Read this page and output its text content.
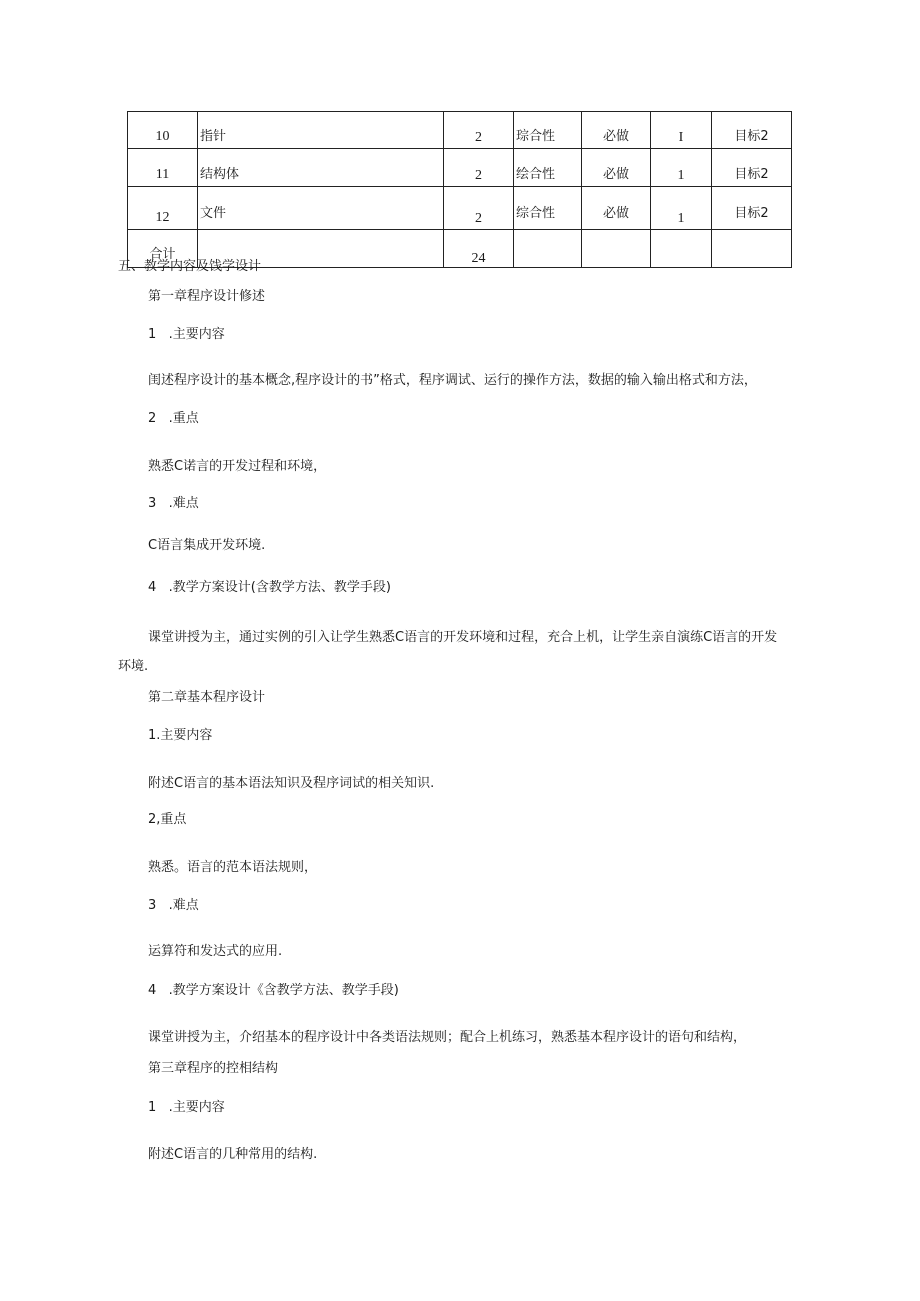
10	指针	2	琮合性	必做	I	目标2
11	结构体	2	绘合性	必做	1	目标2
12	文件	2	综合性	必做	1	目标2
合计		24				
五、教学内容及饯学设计
第一章程序设计修述
1   .主要内容
闺述程序设计的基本概念,程序设计的书”格式，程序调试、运行的操作方法，数据的输入输出格式和方法，
2   .重点
熟悉C诺言的开发过程和环境，
3   .难点
C语言集成开发环境.
4   .教学方案设计(含教学方法、教学手段)
课堂讲授为主，通过实例的引入让学生熟悉C语言的开发环境和过程，充合上机，让学生亲自演练C语言的开发
环境.
第二章基本程序设计
1.主要内容
附述C语言的基本语法知识及程序词试的相关知识.
2,重点
熟悉。语言的范本语法规则，
3   .难点
运算符和发达式的应用.
4   .教学方案设计《含教学方法、教学手段)
课堂讲授为主，介绍基本的程序设计中各类语法规则；配合上机练习，熟悉基本程序设计的语句和结构，
第三章程序的控相结构
1   .主要内容
附述C语言的几种常用的结构.
